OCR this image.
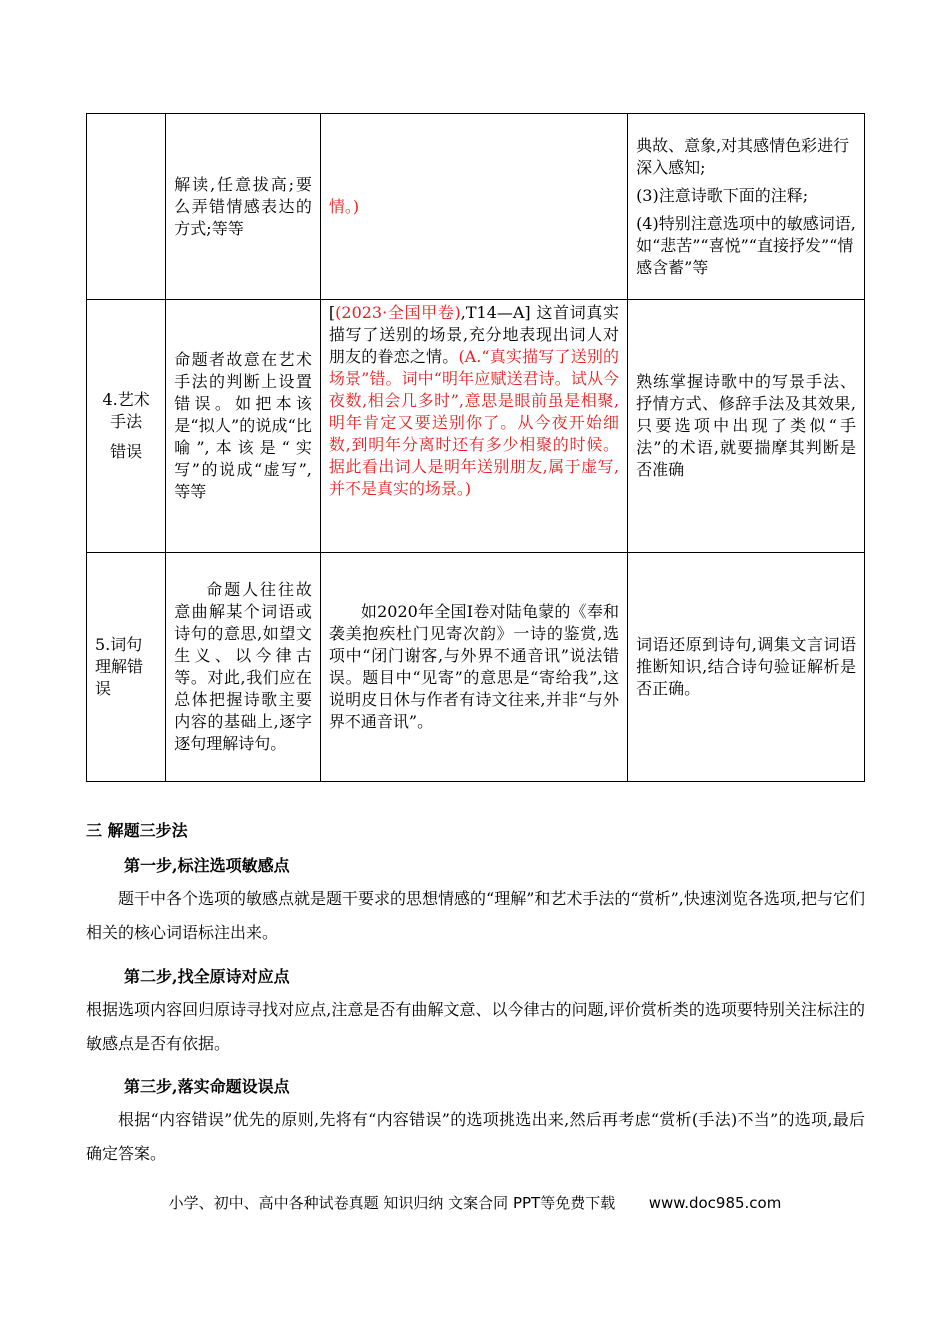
	解读,任意拔高;要么弄错情感表达的方式;等等	情。)	典故、意象,对其感情色彩进行深入感知;

(3)注意诗歌下面的注释;

(4)特别注意选项中的敏感词语,如“悲苦”“喜悦”“直接抒发”“情感含蓄”等

4.艺术手法
错误	命题者故意在艺术手法的判断上设置错误。如把本该是“拟人”的说成“比喻”,本该是“实写”的说成“虚写”,等等	[(2023·全国甲卷),T14—A] 这首词真实描写了送别的场景,充分地表现出词人对朋友的眷恋之情。(A.“真实描写了送别的场景”错。词中“明年应赋送君诗。试从今夜数,相会几多时”,意思是眼前虽是相聚,明年肯定又要送别你了。从今夜开始细数,到明年分离时还有多少相聚的时候。据此看出词人是明年送别朋友,属于虚写,并不是真实的场景。)	熟练掌握诗歌中的写景手法、抒情方式、修辞手法及其效果,只要选项中出现了类似“手法”的术语,就要揣摩其判断是否准确
5.词句理解错误	命题人往往故意曲解某个词语或诗句的意思,如望文生义、以今律古等。对此,我们应在总体把握诗歌主要内容的基础上,逐字逐句理解诗句。	如2020年全国Ⅰ卷对陆龟蒙的《奉和袭美抱疾杜门见寄次韵》一诗的鉴赏,选项中“闭门谢客,与外界不通音讯”说法错误。题目中“见寄”的意思是“寄给我”,这说明皮日休与作者有诗文往来,并非“与外界不通音讯”。	词语还原到诗句,调集文言词语推断知识,结合诗句验证解析是否正确。
三 解题三步法
第一步,标注选项敏感点
题干中各个选项的敏感点就是题干要求的思想情感的“理解”和艺术手法的“赏析”,快速浏览各选项,把与它们相关的核心词语标注出来。
第二步,找全原诗对应点
根据选项内容回归原诗寻找对应点,注意是否有曲解文意、以今律古的问题,评价赏析类的选项要特别关注标注的敏感点是否有依据。
第三步,落实命题设误点
根据“内容错误”优先的原则,先将有“内容错误”的选项挑选出来,然后再考虑“赏析(手法)不当”的选项,最后确定答案。
小学、初中、高中各种试卷真题 知识归纳 文案合同 PPT等免费下载 www.doc985.com
